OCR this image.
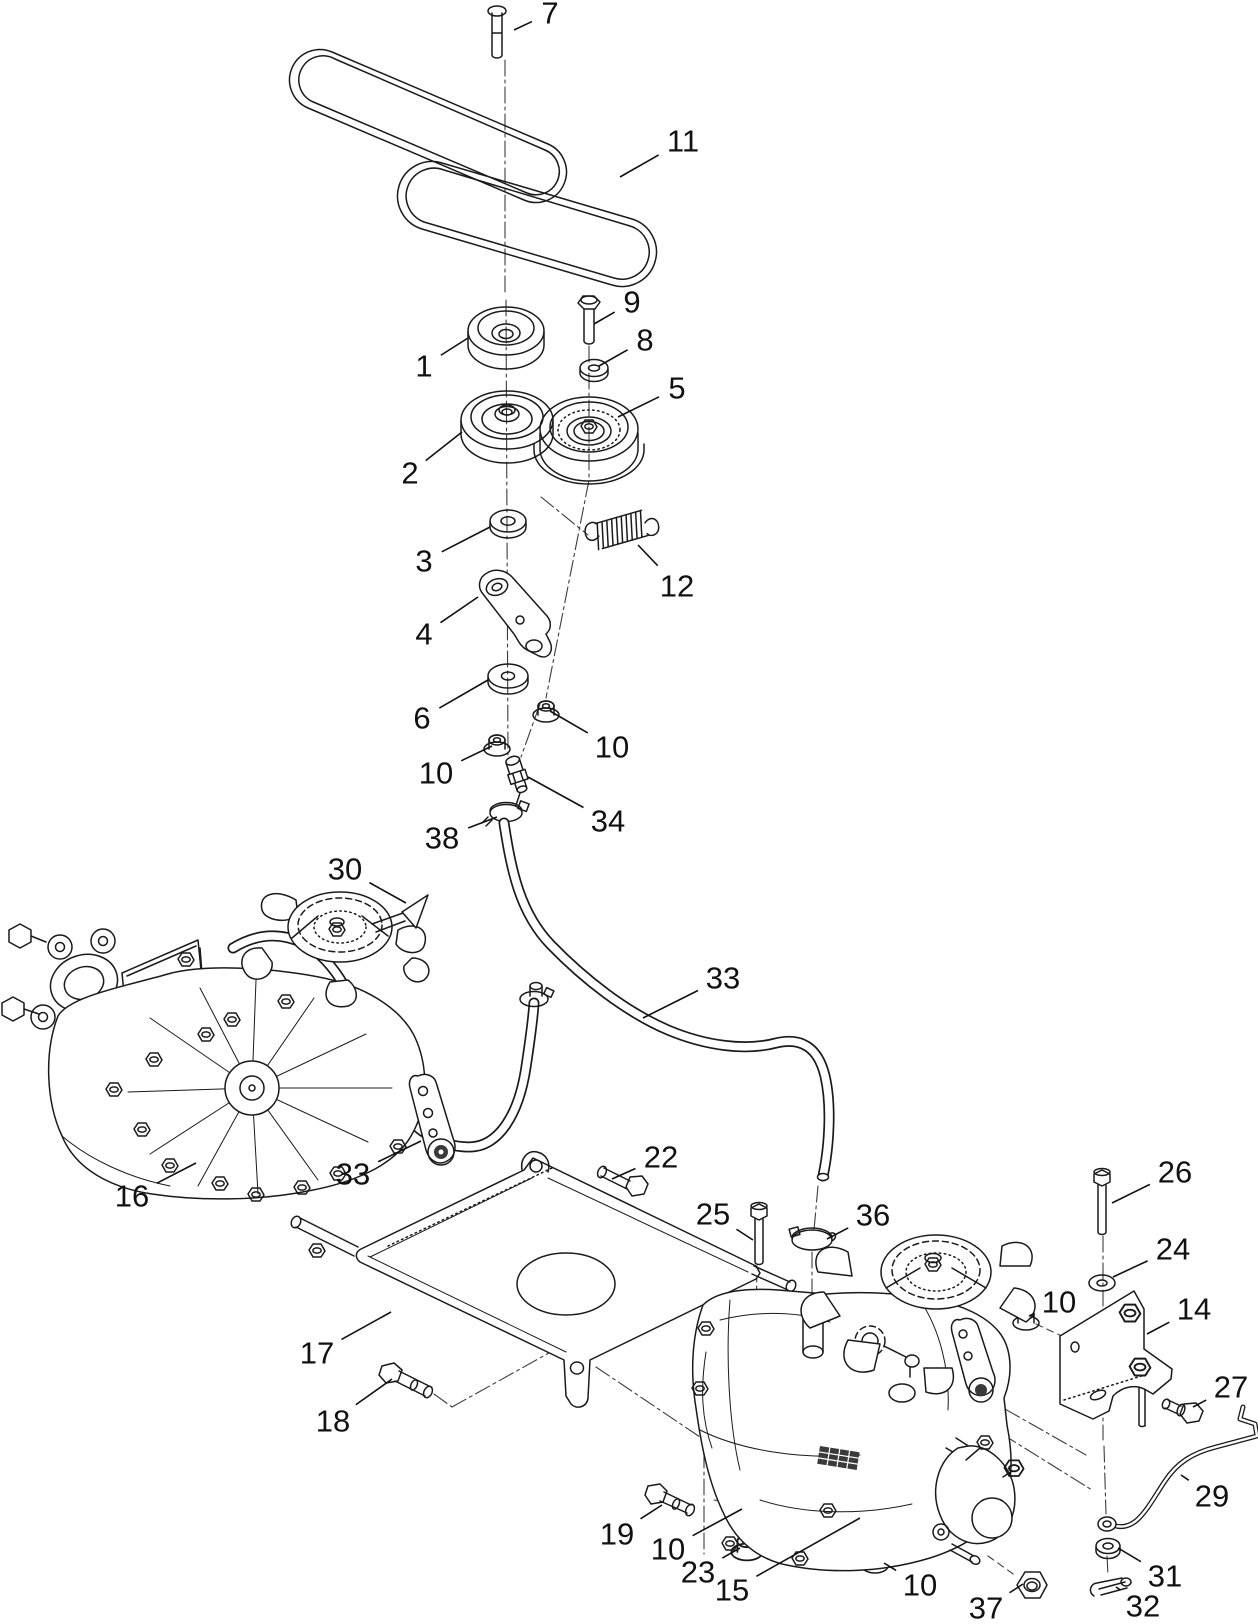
7
11
9
8
1
5
2
3
12
4
6
10
10
34
38
30
33
33
16
22
25	36
26
24
10	14
27
29
31
32
37
10
15
23
10
19
18
17
